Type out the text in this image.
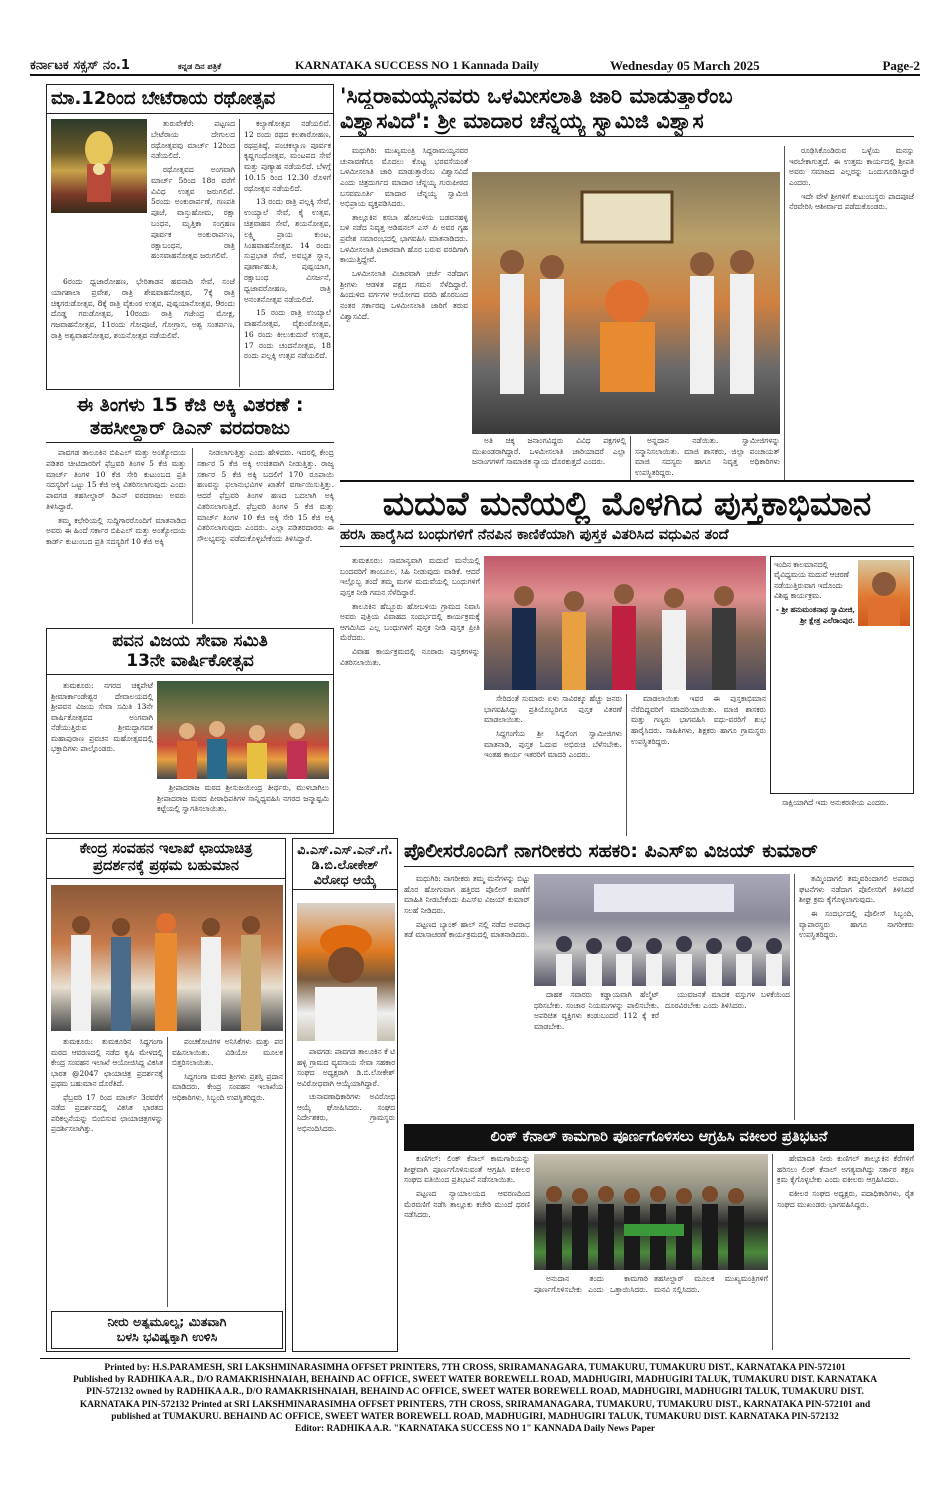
ಕರ್ನಾಟಕ ಸಕ್ಸಸ್ ನಂ.1	ಕನ್ನಡ ದಿನ ಪತ್ರಿಕೆ	KARNATAKA SUCCESS NO 1 Kannada Daily	Wednesday 05 March 2025	Page-2
ಮಾ.12ರಿಂದ ಬೇಟೆರಾಯ ರಥೋತ್ಸವ

ತುರುವೇಕೆರೆ: ಪಟ್ಟಣದ ಬೇಟೆರಾಯ ದೇಗುಲದ ರಥೋತ್ಸವವು ಮಾರ್ಚ್ 12ರಿಂದ ನಡೆಯಲಿದೆ.

ರಥೋತ್ಸವದ ಅಂಗವಾಗಿ ಮಾರ್ಚ್ 5ರಿಂದ 18ರ ವರೆಗೆ ವಿವಿಧ ಉತ್ಸವ ಜರುಗಲಿವೆ. 5ರಂದು ಅಂಕುರಾರ್ಪಣೆ, ಗಣಪತಿ ಪೂಜೆ, ವಾಸ್ತುಹೋಮ, ರಕ್ಷಾ ಬಂಧನ, ಮೃತ್ತಿಕಾ ಸಂಗ್ರಹಣ ಪೂರ್ವಕ ಅಂಕುರಾರ್ಪಣ, ರಕ್ಷಾಬಂಧನ, ರಾತ್ರಿ ಹಂಸವಾಹನೋತ್ಸವ ಜರುಗಲಿವೆ.

6ರಂದು ಧ್ವಜಾರೋಹಣ, ಭೇರಿತಾಡನ ಹವನಾದಿ ಸೇವೆ, ಸಂಜೆ ಯಾಗಶಾಲಾ ಪ್ರವೇಶ, ರಾತ್ರಿ ಶೇಷವಾಹನೋತ್ಸವ, 7ಕ್ಕೆ ರಾತ್ರಿ ಚಿಕ್ಕಗರುಡೋತ್ಸವ, 8ಕ್ಕೆ ರಾತ್ರಿ ವೈಕುಂಠ ಉತ್ಸವ, ಪುಷ್ಪಯಾನೋತ್ಸವ, 9ರಂದು ದೊಡ್ಡ ಗರುಡೋತ್ಸವ, 10ರಂದು ರಾತ್ರಿ ಗಜೇಂದ್ರ ಮೋಕ್ಷ, ಗಜವಾಹನೋತ್ಸವ, 11ರಂದು ಗೋಪೂಜೆ, ಗೋಗ್ರಾಸ, ಅಶ್ವ ಸಂತರ್ಪಣ, ರಾತ್ರಿ ಅಶ್ವವಾಹನೋತ್ಸವ, ಶಯನೋತ್ಸವ ನಡೆಯಲಿವೆ.

ಕಲ್ಯಾಣೋತ್ಸವ ನಡೆಯಲಿವೆ. 12 ರಂದು ರಥದ ಕಲಶಾರೋಹಣ, ರಥಪ್ರತಿಷ್ಠೆ, ಪಂಚಕಲ್ಯಾಣ ಪೂರ್ವಕ ಕೃಷ್ಣಗಂಧೋತ್ಸವ, ಮಂಟಪದ ಸೇವೆ ಮತ್ತು ಪುಣ್ಯಾಹ ನಡೆಯಲಿದೆ. ಬೆಳಗ್ಗೆ 10.15 ರಿಂದ 12.30 ರೊಳಗೆ ರಥೋತ್ಸವ ನಡೆಯಲಿದೆ.

13 ರಂದು ರಾತ್ರಿ ಪಲ್ಲಕ್ಕಿ ಸೇವೆ, ಉಯ್ಯಾಲೆ ಸೇವೆ, ಕೈ ಉತ್ಸವ, ಚಿತ್ರವಾಹನ ಸೇವೆ, ಶಯನೋತ್ಸವ, ಲಕ್ಷ್ಮಿ ಪ್ರಾಯ ಕುಂಟ, ಸಿಂಹವಾಹನೋತ್ಸವ. 14 ರಂದು ಸುಪ್ರಭಾತ ಸೇವೆ, ಅವಭೃತ ಸ್ನಾನ, ಪೂರ್ಣಾಹುತಿ, ಪುಷ್ಪಯಾಗ, ರಕ್ಷಾಬಂಧ ವಿಸರ್ಜನೆ, ಧ್ವಜಾವರೋಹಣ, ರಾತ್ರಿ ಅನಂತನೋತ್ಸವ ನಡೆಯಲಿದೆ.

15 ರಂದು ರಾತ್ರಿ ಉಯ್ಯಾಲೆ ವಾಹನೋತ್ಸವ, ವೈಕುಂಠೋತ್ಸವ, 16 ರಂದು ಕೀಲುಕುದುರೆ ಉತ್ಸವ, 17 ರಂದು ಚಂದನೋತ್ಸವ, 18 ರಂದು ಪಲ್ಲಕ್ಕಿ ಉತ್ಸವ ನಡೆಯಲಿದೆ.

ಈ ತಿಂಗಳು 15 ಕೆಜಿ ಅಕ್ಕಿ ವಿತರಣೆ :
ತಹಸೀಲ್ದಾರ್ ಡಿಎನ್ ವರದರಾಜು

ಪಾವಗಡ ತಾಲೂಕಿನ ಬಿಪಿಎಲ್ ಮತ್ತು ಅಂತ್ಯೋದಯ ಪಡಿತರ ಚೀಟಿದಾರರಿಗೆ ಫೆಬ್ರವರಿ ತಿಂಗಳ 5 ಕೆಜಿ ಮತ್ತು ಮಾರ್ಚ್ ತಿಂಗಳ 10 ಕೆಜಿ ಸೇರಿ ಕುಟುಂಬದ ಪ್ರತಿ ಸದಸ್ಯರಿಗೆ ಒಟ್ಟು 15 ಕೆಜಿ ಅಕ್ಕಿ ವಿತರಿಸಲಾಗುವುದು ಎಂದು ಪಾವಗಡ ತಹಸೀಲ್ದಾರ್ ಡಿಎನ್ ವರದರಾಜು ಅವರು ತಿಳಿಸಿದ್ದಾರೆ.

ತಮ್ಮ ಕಛೇರಿಯಲ್ಲಿ ಸುದ್ದಿಗಾರರೊಂದಿಗೆ ಮಾತನಾಡಿದ ಅವರು ಈ ಹಿಂದೆ ಸರ್ಕಾರ ಬಿಪಿಎಲ್ ಮತ್ತು ಅಂತ್ಯೋದಯ ಕಾರ್ಡ್ ಕುಟುಂಬದ ಪ್ರತಿ ಸದಸ್ಯರಿಗೆ 10 ಕೆಜಿ ಅಕ್ಕಿ

ನೀಡಲಾಗುತ್ತಿತ್ತು ಎಂದು ಹೇಳಿದರು. ಇದರಲ್ಲಿ ಕೇಂದ್ರ ಸರ್ಕಾರ 5 ಕೆಜಿ ಅಕ್ಕಿ ಉಚಿತವಾಗಿ ನೀಡುತ್ತಿತ್ತು. ರಾಜ್ಯ ಸರ್ಕಾರ 5 ಕೆಜಿ ಅಕ್ಕಿ ಬದಲಿಗೆ 170 ರೂಪಾಯಿ ಹಣವನ್ನು ಫಲಾನುಭವಿಗಳ ಖಾತೆಗೆ ವರ್ಗಾಯಿಸುತ್ತಿತ್ತು. ಆದರೆ ಫೆಬ್ರವರಿ ತಿಂಗಳ ಹಣದ ಬದಲಾಗಿ ಅಕ್ಕಿ ವಿತರಿಸಲಾಗುತ್ತಿದೆ. ಫೆಬ್ರವರಿ ತಿಂಗಳ 5 ಕೆಜಿ ಮತ್ತು ಮಾರ್ಚ್ ತಿಂಗಳ 10 ಕೆಜಿ ಅಕ್ಕಿ ಸೇರಿ 15 ಕೆಜಿ ಅಕ್ಕಿ ವಿತರಿಸಲಾಗುವುದು ಎಂದರು. ಎಲ್ಲಾ ಪಡಿತರದಾರರು ಈ ಸೌಲಭ್ಯವನ್ನು ಪಡೆದುಕೊಳ್ಳಬೇಕೆಂದು ತಿಳಿಸಿದ್ದಾರೆ.

ಪವನ ವಿಜಯ ಸೇವಾ ಸಮಿತಿ
13ನೇ ವಾರ್ಷಿಕೋತ್ಸವ

ತುಮಕೂರು: ನಗರದ ಚಿಕ್ಕಪೇಟೆ ಶ್ರೀಮಾರ್ಕಾಂಡೇಶ್ವರ ದೇವಾಲಯದಲ್ಲಿ ಶ್ರೀಪವನ ವಿಜಯ ಸೇವಾ ಸಮಿತಿ 13ನೇ ವಾರ್ಷಿಕೋತ್ಸವದ ಅಂಗವಾಗಿ ನೆಡೆಯುತ್ತಿರುವ ಶ್ರೀಮದ್ಭಾಗವತ ಮಹಾಪುರಾಣ ಪ್ರವಚನ ಮಹೋತ್ಸವದಲ್ಲಿ ಭಕ್ತಾದಿಗಳು ಪಾಲ್ಗೊಂಡರು.

ಶ್ರೀಪಾದರಾಜ ಮಠದ ಶ್ರೀಸುಜಯೀಂದ್ರ ತೀರ್ಥರು, ಮುಳಬಾಗಿಲು ಶ್ರೀಪಾದರಾಜ ಮಠದ ಪೀಠಾಧಿಪತಿಗಳ ಸಾನ್ನಿಧ್ಯವಹಿಸಿ ನಗರದ ಜನ್ಮಾಷ್ಟಮಿ ಕಟ್ಟೆಯಲ್ಲಿ ಸ್ವಾಗತಿಸಲಾಯಿತು.

'ಸಿದ್ದರಾಮಯ್ಯನವರು ಒಳಮೀಸಲಾತಿ ಜಾರಿ ಮಾಡುತ್ತಾರೆಂಬ
ವಿಶ್ವಾಸವಿದೆ': ಶ್ರೀ ಮಾದಾರ ಚೆನ್ನಯ್ಯ ಸ್ವಾಮಿಜಿ ವಿಶ್ವಾಸ

ಮಧುಗಿರಿ: ಮುಖ್ಯಮಂತ್ರಿ ಸಿದ್ದರಾಮಯ್ಯನವರ ಚುನಾವಣೆಗೂ ಮೊದಲು ಕೊಟ್ಟ ಭರವಸೆಯಂತೆ ಒಳಮೀಸಲಾತಿ ಜಾರಿ ಮಾಡುತ್ತಾರೆಂಬ ವಿಶ್ವಾಸವಿದೆ ಎಂದು ಚಿತ್ರದುರ್ಗದ ಮಾದಾರ ಚೆನ್ನಯ್ಯ ಗುರುಪೀಠದ ಬಸವಮೂರ್ತಿ ಮಾದಾರ ಚೆನ್ನಯ್ಯ ಸ್ವಾಮಿಜಿ ಅಭಿಪ್ರಾಯ ವ್ಯಕ್ತಪಡಿಸಿದರು.

ತಾಲ್ಲೂಕಿನ ಕಸಬಾ ಹೋಬಳಿಯ ಬಡವನಹಳ್ಳಿ ಬಳಿ ನಡೆದ ನಿವೃತ್ತ ಅಡಿಷನಲ್ ಎಸ್ ಪಿ ಅವರ ಗೃಹ ಪ್ರವೇಶ ಸಮಾರಂಭದಲ್ಲಿ ಭಾಗವಹಿಸಿ ಮಾತನಾಡಿದರು. ಒಳಮೀಸಲಾತಿ ವಿಚಾರವಾಗಿ ಹೊರ ಬರುವ ವರದಿಗಾಗಿ ಕಾಯುತ್ತಿದ್ದೇವೆ.

ಒಳಮೀಸಲಾತಿ ವಿಚಾರವಾಗಿ ಚರ್ಚೆ ನಡೆದಾಗ ಶ್ರೀಗಳು ಆಡಳಿತ ಪಕ್ಷದ ಗಮನ ಸೆಳೆದಿದ್ದಾರೆ. ಹಿಂದುಳಿದ ವರ್ಗಗಳ ಆಯೋಗದ ವರದಿ ಹೊರಬಂದ ನಂತರ ಸರ್ಕಾರವು ಒಳಮೀಸಲಾತಿ ಜಾರಿಗೆ ತರುವ ವಿಶ್ವಾಸವಿದೆ.

ಅತಿ ಚಿಕ್ಕ ಜನಾಂಗವಿದ್ದರು ವಿವಿಧ ಪಕ್ಷಗಳಲ್ಲಿ ಮುಖಂಡರಾಗಿದ್ದಾರೆ. ಒಳಮೀಸಲಾತಿ ಜಾರಿಯಾದರೆ ಎಲ್ಲಾ ಜನಾಂಗಗಳಿಗೆ ಸಾಮಾಜಿಕ ನ್ಯಾಯ ದೊರಕುತ್ತದೆ ಎಂದರು.

ಅನ್ನದಾನ ನಡೆಯಿತು. ಸ್ವಾಮೀಜಿಗಳನ್ನು ಸನ್ಮಾನಿಸಲಾಯಿತು. ಮಾಜಿ ಶಾಸಕರು, ಜಿಲ್ಲಾ ಪಂಚಾಯತ್ ಮಾಜಿ ಸದಸ್ಯರು ಹಾಗೂ ನಿವೃತ್ತ ಅಧಿಕಾರಿಗಳು ಉಪಸ್ಥಿತರಿದ್ದರು.

ರೂಢಿಸಿಕೊಂಡಿರುವ ಒಳ್ಳೆಯ ಮನಸ್ಸು ಇರಬೇಕಾಗುತ್ತದೆ. ಈ ಉತ್ತಮ ಕಾರ್ಯದಲ್ಲಿ ಶ್ರೀಪತಿ ಅವರು ಸಮಾಜದ ಎಲ್ಲರನ್ನು ಒಂದುಗೂಡಿಸಿದ್ದಾರೆ ಎಂದರು.

ಇದೇ ವೇಳೆ ಶ್ರೀಗಳಿಗೆ ಕುಟುಂಬಸ್ಥರು ಪಾದಪೂಜೆ ನೆರವೇರಿಸಿ ಆಶೀರ್ವಾದ ಪಡೆದುಕೊಂಡರು.

ಮದುವೆ ಮನೆಯಲ್ಲಿ ಮೊಳಗಿದ ಪುಸ್ತಕಾಭಿಮಾನ
ಹರಸಿ ಹಾರೈಸಿದ ಬಂಧುಗಳಿಗೆ ನೆನಪಿನ ಕಾಣಿಕೆಯಾಗಿ ಪುಸ್ತಕ ವಿತರಿಸಿದ ವಧುವಿನ ತಂದೆ

ತುಮಕೂರು: ಸಾಮಾನ್ಯವಾಗಿ ಮದುವೆ ಮನೆಯಲ್ಲಿ ಬಂದವರಿಗೆ ತಾಂಬೂಲ, ಸಿಹಿ ನೀಡುವುದು ವಾಡಿಕೆ. ಆದರೆ ಇಲ್ಲೊಬ್ಬ ತಂದೆ ತಮ್ಮ ಮಗಳ ಮದುವೆಯಲ್ಲಿ ಬಂಧುಗಳಿಗೆ ಪುಸ್ತಕ ನೀಡಿ ಗಮನ ಸೆಳೆದಿದ್ದಾರೆ.

ತಾಲೂಕಿನ ಹೆಬ್ಬೂರು ಹೋಬಳಿಯ ಗ್ರಾಮದ ನಿವಾಸಿ ಅವರು ಪುತ್ರಿಯ ವಿವಾಹದ ಸಂದರ್ಭದಲ್ಲಿ ಕಾರ್ಯಕ್ರಮಕ್ಕೆ ಆಗಮಿಸಿದ ಎಲ್ಲ ಬಂಧುಗಳಿಗೆ ಪುಸ್ತಕ ನೀಡಿ ಪುಸ್ತಕ ಪ್ರೀತಿ ಮೆರೆದರು.

ವಿವಾಹ ಕಾರ್ಯಕ್ರಮದಲ್ಲಿ ನೂರಾರು ಪುಸ್ತಕಗಳನ್ನು ವಿತರಿಸಲಾಯಿತು.

ಸೇರಿದಂತೆ ಸುಮಾರು ಏಳು ಸಾವಿರಕ್ಕೂ ಹೆಚ್ಚು ಜನರು ಭಾಗವಹಿಸಿದ್ದು ಪ್ರತಿಯೊಬ್ಬರಿಗೂ ಪುಸ್ತಕ ವಿತರಣೆ ಮಾಡಲಾಯಿತು.

ಸಿದ್ದಗಂಗೆಯ ಶ್ರೀ ಸಿದ್ದಲಿಂಗ ಸ್ವಾಮೀಜಿಗಳು ಮಾತನಾಡಿ, ಪುಸ್ತಕ ಓದುವ ಅಭಿರುಚಿ ಬೆಳೆಸಬೇಕು. ಇಂತಹ ಕಾರ್ಯ ಇತರರಿಗೆ ಮಾದರಿ ಎಂದರು.

ಮಾಡಲಾಯಿತು ಇವರ ಈ ಪುಸ್ತಕಾಭಿಮಾನ ನೆರೆದಿದ್ದವರಿಗೆ ಮಾದರಿಯಾಯಿತು. ಮಾಜಿ ಶಾಸಕರು ಮತ್ತು ಗಣ್ಯರು ಭಾಗವಹಿಸಿ ವಧು-ವರರಿಗೆ ಶುಭ ಹಾರೈಸಿದರು. ಸಾಹಿತಿಗಳು, ಶಿಕ್ಷಕರು ಹಾಗೂ ಗ್ರಾಮಸ್ಥರು ಉಪಸ್ಥಿತರಿದ್ದರು.

ಇಂದಿನ ಕಾಲಮಾನದಲ್ಲಿ ವೈವಿಧ್ಯಮಯ ಮದುವೆ ಆಚರಣೆ ನಡೆಯುತ್ತಿರುವಾಗ ಇದೊಂದು ವಿಶಿಷ್ಟ ಕಾರ್ಯಕ್ರಮ.

- ಶ್ರೀ ಹನುಮಂತನಾಥ ಸ್ವಾಮೀಜಿ, ಶ್ರೀ ಕ್ಷೇತ್ರ ಎಲೆರಾಂಪುರ.

ಸಾಕ್ಷಿಯಾಗಿದೆ ಇದು ಅನುಕರಣೀಯ ಎಂದರು.

ಕೇಂದ್ರ ಸಂವಹನ ಇಲಾಖೆ ಛಾಯಾಚಿತ್ರ
ಪ್ರದರ್ಶನಕ್ಕೆ ಪ್ರಥಮ ಬಹುಮಾನ

ತುಮಕೂರು: ತುಮಕೂರಿನ ಸಿದ್ದಗಂಗಾ ಮಠದ ಆವರಣದಲ್ಲಿ ನಡೆದ ಕೃಷಿ ಮೇಳದಲ್ಲಿ ಕೇಂದ್ರ ಸಂವಹನ ಇಲಾಖೆ ಆಯೋಜಿಸಿದ್ದ ವಿಕಸಿತ ಭಾರತ @2047 ಛಾಯಾಚಿತ್ರ ಪ್ರದರ್ಶನಕ್ಕೆ ಪ್ರಥಮ ಬಹುಮಾನ ದೊರೆತಿದೆ.

ಫೆಬ್ರವರಿ 17 ರಿಂದ ಮಾರ್ಚ್ 3ರವರೆಗೆ ನಡೆದ ಪ್ರದರ್ಶನದಲ್ಲಿ ವಿಕಸಿತ ಭಾರತದ ಪರಿಕಲ್ಪನೆಯನ್ನು ಬಿಂಬಿಸುವ ಛಾಯಾಚಿತ್ರಗಳನ್ನು ಪ್ರದರ್ಶಿಸಲಾಗಿತ್ತು.

ಪಂಚಕೋಟಿಗಳ ಅನಿಸಿಕೆಗಳು ಮತ್ತು ಪರ ವಹಿಸಲಾಯಿತು. ವಿಡಿಯೋ ಮೂಲಕ ಬಿತ್ತರಿಸಲಾಯಿತು.

ಸಿದ್ದಗಂಗಾ ಮಠದ ಶ್ರೀಗಳು ಪ್ರಶಸ್ತಿ ಪ್ರದಾನ ಮಾಡಿದರು. ಕೇಂದ್ರ ಸಂವಹನ ಇಲಾಖೆಯ ಅಧಿಕಾರಿಗಳು, ಸಿಬ್ಬಂದಿ ಉಪಸ್ಥಿತರಿದ್ದರು.

ನೀರು ಅತ್ಯಮೂಲ್ಯ; ಮಿತವಾಗಿ
ಬಳಸಿ ಭವಿಷ್ಯಕ್ಕಾಗಿ ಉಳಿಸಿ
ವಿ.ಎಸ್.ಎಸ್.ಎನ್.ಗೆ.
ಡಿ.ಬಿ.ಲೋಕೇಶ್
ವಿರೋಧ ಆಯ್ಕೆ

ಪಾವಗಡ: ಪಾವಗಡ ತಾಲೂಕಿನ ಕೆ ಟಿ ಹಳ್ಳಿ ಗ್ರಾಮದ ವ್ಯವಸಾಯ ಸೇವಾ ಸಹಕಾರ ಸಂಘದ ಅಧ್ಯಕ್ಷರಾಗಿ ಡಿ.ಬಿ.ಲೋಕೇಶ್ ಅವಿರೋಧವಾಗಿ ಆಯ್ಕೆಯಾಗಿದ್ದಾರೆ.

ಚುನಾವಣಾಧಿಕಾರಿಗಳು ಅವಿರೋಧ ಆಯ್ಕೆ ಘೋಷಿಸಿದರು. ಸಂಘದ ನಿರ್ದೇಶಕರು, ಗ್ರಾಮಸ್ಥರು ಅಭಿನಂದಿಸಿದರು.

ಪೊಲೀಸರೊಂದಿಗೆ ನಾಗರೀಕರು ಸಹಕರಿ: ಪಿಎಸ್ಐ ವಿಜಯ್ ಕುಮಾರ್

ಮಧುಗಿರಿ: ನಾಗರೀಕರು ತಮ್ಮ ಮನೆಗಳನ್ನು ಬಿಟ್ಟು ಹೊರ ಹೋಗುವಾಗ ಹತ್ತಿರದ ಪೊಲೀಸ್ ಠಾಣೆಗೆ ಮಾಹಿತಿ ನೀಡಬೇಕೆಂದು ಪಿಎಸ್ಐ ವಿಜಯ್ ಕುಮಾರ್ ಸಲಹೆ ನೀಡಿದರು.

ಪಟ್ಟಣದ ಬ್ಯಾಂಕ್ ಹಾಲ್ ನಲ್ಲಿ ನಡೆದ ಅಪರಾಧ ತಡೆ ಮಾಸಾಚರಣೆ ಕಾರ್ಯಕ್ರಮದಲ್ಲಿ ಮಾತನಾಡಿದರು.

ದಾಹಕ ಸವಾರರು ಕಡ್ಡಾಯವಾಗಿ ಹೆಲ್ಮೆಟ್ ಧರಿಸಬೇಕು. ಸಂಚಾರ ನಿಯಮಗಳನ್ನು ಪಾಲಿಸಬೇಕು. ಅಪರಿಚಿತ ವ್ಯಕ್ತಿಗಳು ಕಂಡುಬಂದರೆ 112 ಕ್ಕೆ ಕರೆ ಮಾಡಬೇಕು.

ಯುವಜನತೆ ಮಾದಕ ವಸ್ತುಗಳ ಬಳಕೆಯಿಂದ ದೂರವಿರಬೇಕು ಎಂದು ತಿಳಿಸಿದರು.

ತಮ್ಮಿಂದಾಗಲಿ ತಮ್ಮವರಿಂದಾಗಲಿ ಅಪರಾಧ ಘಟನೆಗಳು ನಡೆದಾಗ ಪೊಲೀಸರಿಗೆ ತಿಳಿಸಿದರೆ ಶೀಘ್ರ ಕ್ರಮ ಕೈಗೊಳ್ಳಲಾಗುವುದು.

ಈ ಸಂದರ್ಭದಲ್ಲಿ ಪೊಲೀಸ್ ಸಿಬ್ಬಂದಿ, ವ್ಯಾಪಾರಸ್ಥರು ಹಾಗೂ ನಾಗರೀಕರು ಉಪಸ್ಥಿತರಿದ್ದರು.

ಲಿಂಕ್ ಕೆನಾಲ್ ಕಾಮಗಾರಿ ಪೂರ್ಣಗೊಳಿಸಲು ಆಗ್ರಹಿಸಿ ವಕೀಲರ ಪ್ರತಿಭಟನೆ

ಕುಣಿಗಲ್: ಲಿಂಕ್ ಕೆನಾಲ್ ಕಾಮಗಾರಿಯನ್ನು ಶೀಘ್ರವಾಗಿ ಪೂರ್ಣಗೊಳಿಸುವಂತೆ ಆಗ್ರಹಿಸಿ ವಕೀಲರ ಸಂಘದ ವತಿಯಿಂದ ಪ್ರತಿಭಟನೆ ನಡೆಸಲಾಯಿತು.

ಪಟ್ಟಣದ ನ್ಯಾಯಾಲಯದ ಆವರಣದಿಂದ ಮೆರವಣಿಗೆ ನಡೆಸಿ ತಾಲ್ಲೂಕು ಕಚೇರಿ ಮುಂದೆ ಧರಣಿ ನಡೆಸಿದರು.

ಅನುದಾನ ತಂದು ಕಾಮಗಾರಿ ಪೂರ್ಣಗೊಳಿಸಬೇಕು ಎಂದು ಒತ್ತಾಯಿಸಿದರು. ತಹಸೀಲ್ದಾರ್ ಮೂಲಕ ಮುಖ್ಯಮಂತ್ರಿಗಳಿಗೆ ಮನವಿ ಸಲ್ಲಿಸಿದರು.

ಹೇಮಾವತಿ ನೀರು ಕುಣಿಗಲ್ ತಾಲ್ಲೂಕಿನ ಕೆರೆಗಳಿಗೆ ಹರಿಸಲು ಲಿಂಕ್ ಕೆನಾಲ್ ಅಗತ್ಯವಾಗಿದ್ದು ಸರ್ಕಾರ ತಕ್ಷಣ ಕ್ರಮ ಕೈಗೊಳ್ಳಬೇಕು ಎಂದು ವಕೀಲರು ಆಗ್ರಹಿಸಿದರು.

ವಕೀಲರ ಸಂಘದ ಅಧ್ಯಕ್ಷರು, ಪದಾಧಿಕಾರಿಗಳು, ರೈತ ಸಂಘದ ಮುಖಂಡರು ಭಾಗವಹಿಸಿದ್ದರು.

Printed by: H.S.PARAMESH, SRI LAKSHMINARASIMHA OFFSET PRINTERS, 7TH CROSS, SRIRAMANAGARA, TUMAKURU, TUMAKURU DIST., KARNATAKA PIN-572101

Published by RADHIKA A.R., D/O RAMAKRISHNAIAH, BEHAIND AC OFFICE, SWEET WATER BOREWELL ROAD, MADHUGIRI, MADHUGIRI TALUK, TUMAKURU DIST. KARNATAKA

PIN-572132 owned by RADHIKA A.R., D/O RAMAKRISHNAIAH, BEHAIND AC OFFICE, SWEET WATER BOREWELL ROAD, MADHUGIRI, MADHUGIRI TALUK, TUMAKURU DIST.

KARNATAKA PIN-572132 Printed at SRI LAKSHMINARASIMHA OFFSET PRINTERS, 7TH CROSS, SRIRAMANAGARA, TUMAKURU, TUMAKURU DIST., KARNATAKA PIN-572101 and

published at TUMAKURU. BEHAIND AC OFFICE, SWEET WATER BOREWELL ROAD, MADHUGIRI, MADHUGIRI TALUK, TUMAKURU DIST. KARNATAKA PIN-572132

Editor: RADHIKA A.R. "KARNATAKA SUCCESS NO 1" KANNADA Daily News Paper
